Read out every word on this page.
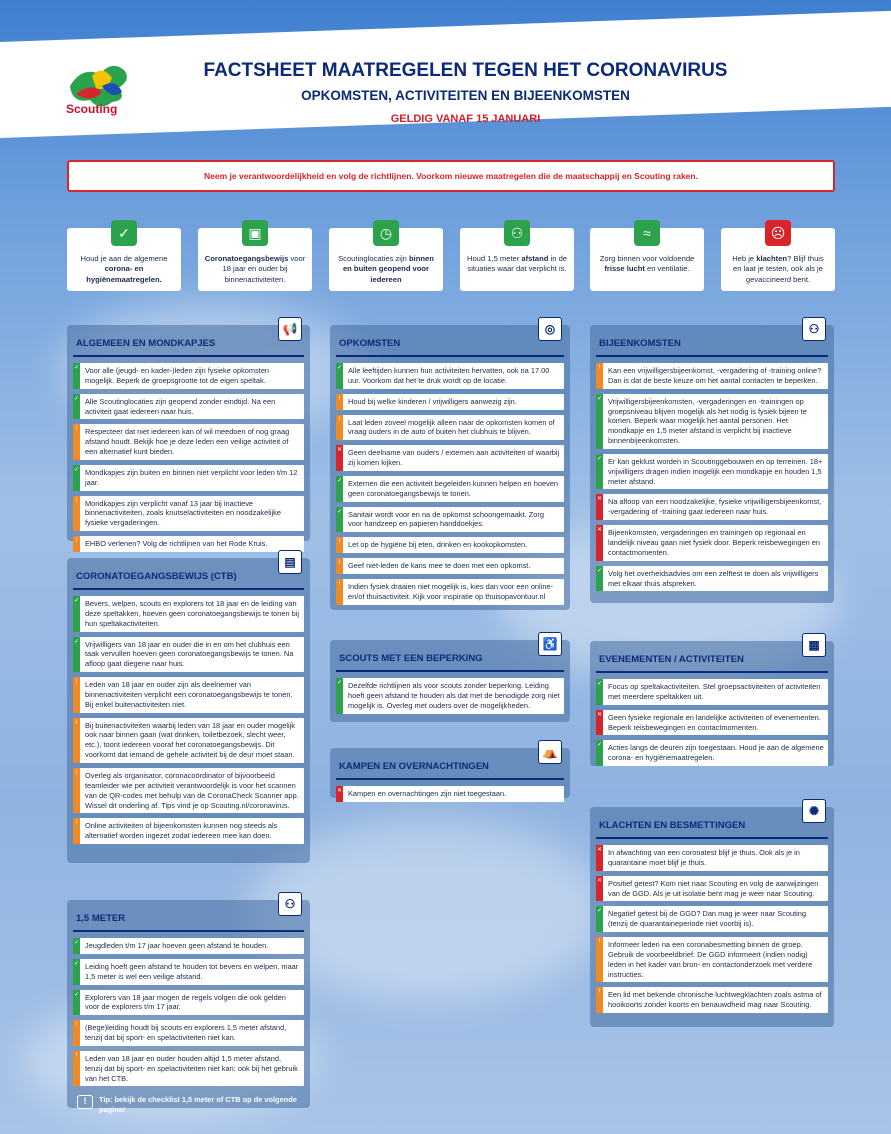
Scouting
FACTSHEET MAATREGELEN TEGEN HET CORONAVIRUS
OPKOMSTEN, ACTIVITEITEN EN BIJEENKOMSTEN
GELDIG VANAF 15 JANUARI
Neem je verantwoordelijkheid en volg de richtlijnen. Voorkom nieuwe maatregelen die de maatschappij en Scouting raken.
✓
Houd je aan de algemene corona- en hygiënemaatregelen.
▣
Coronatoegangsbewijs voor 18 jaar en ouder bij binnenactiviteiten.
◷
Scoutinglocaties zijn binnen en buiten geopend voor iedereen
⚇
Houd 1,5 meter afstand in de situaties waar dat verplicht is.
≈
Zorg binnen voor voldoende frisse lucht en ventilatie.
☹
Heb je klachten? Blijf thuis en laat je testen, ook als je gevaccineerd bent.
ALGEMEEN EN MONDKAPJES
📢
✓ Voor alle (jeugd- en kader-)leden zijn fysieke opkomsten mogelijk. Beperk de groepsgrootte tot de eigen speltak.
✓ Alle Scoutinglocaties zijn geopend zonder eindtijd. Na een activiteit gaat iedereen naar huis.
!	Respecteer dat niet iedereen kan of wil meedoen of nog graag afstand houdt. Bekijk hoe je deze leden een veilige activiteit of een alternatief kunt bieden.
✓ Mondkapjes zijn buiten en binnen niet verplicht voor leden t/m 12 jaar.
!	Mondkapjes zijn verplicht vanaf 13 jaar bij inactieve binnenactiviteiten, zoals knutselactiviteiten en noodzakelijke fysieke vergaderingen.
!	EHBO verlenen? Volg de richtlijnen van het Rode Kruis.
CORONATOEGANGSBEWIJS (CTB)
▤
✓ Bevers, welpen, scouts en explorers tot 18 jaar en de leiding van deze speltakken, hoeven geen coronatoegangsbewijs te tonen bij hun speltakactiviteiten.
✓ Vrijwilligers van 18 jaar en ouder die in en om het clubhuis een taak vervullen hoeven geen coronatoegangsbewijs te tonen. Na afloop gaat diegene naar huis.
!	Leden van 18 jaar en ouder zijn als deelnemer van binnenactiviteiten verplicht een coronatoegangsbewijs te tonen. Bij enkel buitenactiviteiten niet.
!	Bij buitenactiviteiten waarbij leden van 18 jaar en ouder mogelijk ook naar binnen gaan (wat drinken, toiletbezoek, slecht weer, etc.), toont iedereen vooraf het coronatoegangsbewijs. Dit voorkomt dat iemand de gehele activiteit bij de deur moet staan.
!	Overleg als organisator, coronacoördinator of bijvoorbeeld teamleider wie per activiteit verantwoordelijk is voor het scannen van de QR-codes met behulp van de CoronaCheck Scanner app. Wissel dit onderling af. Tips vind je op Scouting.nl/coronavirus.
!	Online activiteiten of bijeenkomsten kunnen nog steeds als alternatief worden ingezet zodat iedereen mee kan doen.
1,5 METER
⚇
✓ Jeugdleden t/m 17 jaar hoeven geen afstand te houden.
✓ Leiding hoeft geen afstand te houden tot bevers en welpen, maar 1,5 meter is wel een veilige afstand.
✓ Explorers van 18 jaar mogen de regels volgen die ook gelden voor de explorers t/m 17 jaar.
!	(Bege)leiding houdt bij scouts en explorers 1,5 meter afstand, tenzij dat bij sport- en spelactiviteiten niet kan.
!	Leden van 18 jaar en ouder houden altijd 1,5 meter afstand, tenzij dat bij sport- en spelactiviteiten niet kan: ook bij het gebruik van het CTB.
!	Tip: bekijk de checklist 1,5 meter of CTB op de volgende pagina!
OPKOMSTEN
◎
✓ Alle leeftijden kunnen hun activiteiten hervatten, ook na 17.00 uur. Voorkom dat het te druk wordt op de locatie.
!	Houd bij welke kinderen / vrijwilligers aanwezig zijn.
!	Laat leden zoveel mogelijk alleen naar de opkomsten komen of vraag ouders in de auto of buiten het clubhuis te blijven.
✕ Geen deelname van ouders / externen aan activiteiten of waarbij zij komen kijken.
✓ Externen die een activiteit begeleiden kunnen helpen en hoeven geen coronatoegangsbewijs te tonen.
✓ Sanitair wordt voor en na de opkomst schoongemaakt. Zorg voor handzeep en papieren handdoekjes.
!	Let op de hygiëne bij eten, drinken en kookopkomsten.
!	Geef niet-leden de kans mee te doen met een opkomst.
!	Indien fysiek draaien niet mogelijk is, kies dan voor een online- en/of thuisactiviteit. Kijk voor inspiratie op thuisopavontuur.nl
SCOUTS MET EEN BEPERKING
♿
✓ Dezelfde richtlijnen als voor scouts zonder beperking. Leiding hoeft geen afstand te houden als dat met de benodigde zorg niet mogelijk is. Overleg met ouders over de mogelijkheden.
KAMPEN EN OVERNACHTINGEN
⛺
✕ Kampen en overnachtingen zijn niet toegestaan.
BIJEENKOMSTEN
⚇
!	Kan een vrijwilligersbijeenkomst, -vergadering of -training online? Dan is dat de beste keuze om het aantal contacten te beperken.
✓ Vrijwilligersbijeenkomsten, -vergaderingen en -trainingen op groepsniveau blijven mogelijk als het nodig is fysiek bijeen te komen. Beperk waar mogelijk het aantal personen. Het mondkapje en 1,5 meter afstand is verplicht bij inactieve binnenbijeenkomsten.
✓ Er kan geklust worden in Scoutinggebouwen en op terreinen. 18+ vrijwilligers dragen indien mogelijk een mondkapje en houden 1,5 meter afstand.
✕ Na afloop van een noodzakelijke, fysieke vrijwilligersbijeenkomst, -vergadering of -training gaat iedereen naar huis.
✕ Bijeenkomsten, vergaderingen en trainingen op regionaal en landelijk niveau gaan niet fysiek door. Beperk reisbewegingen en contactmomenten.
✓ Volg het overheidsadvies om een zelftest te doen als vrijwilligers met elkaar thuis afspreken.
EVENEMENTEN / ACTIVITEITEN
▦
✓ Focus op speltakactiviteiten. Stel groepsactiviteiten of activiteiten met meerdere speltakken uit.
✕ Geen fysieke regionale en landelijke activiteiten of evenementen. Beperk reisbewegingen en contactmomenten.
✓ Acties langs de deuren zijn toegestaan. Houd je aan de algemene corona- en hygiënemaatregelen.
KLACHTEN EN BESMETTINGEN
✺
✕ In afwachting van een coronatest blijf je thuis. Ook als je in quarantaine moet blijf je thuis.
✕ Positief getest? Kom niet naar Scouting en volg de aanwijzingen van de GGD. Als je uit isolatie bent mag je weer naar Scouting.
✓ Negatief getest bij de GGD? Dan mag je weer naar Scouting (tenzij de quarantaineperiode niet voorbij is).
!	Informeer leden na een coronabesmetting binnen de groep. Gebruik de voorbeeldbrief. De GGD informeert (indien nodig) leden in het kader van bron- en contactonderzoek met verdere instructies.
!	Een lid met bekende chronische luchtwegklachten zoals astma of hooikoorts zonder koorts en benauwdheid mag naar Scouting.
